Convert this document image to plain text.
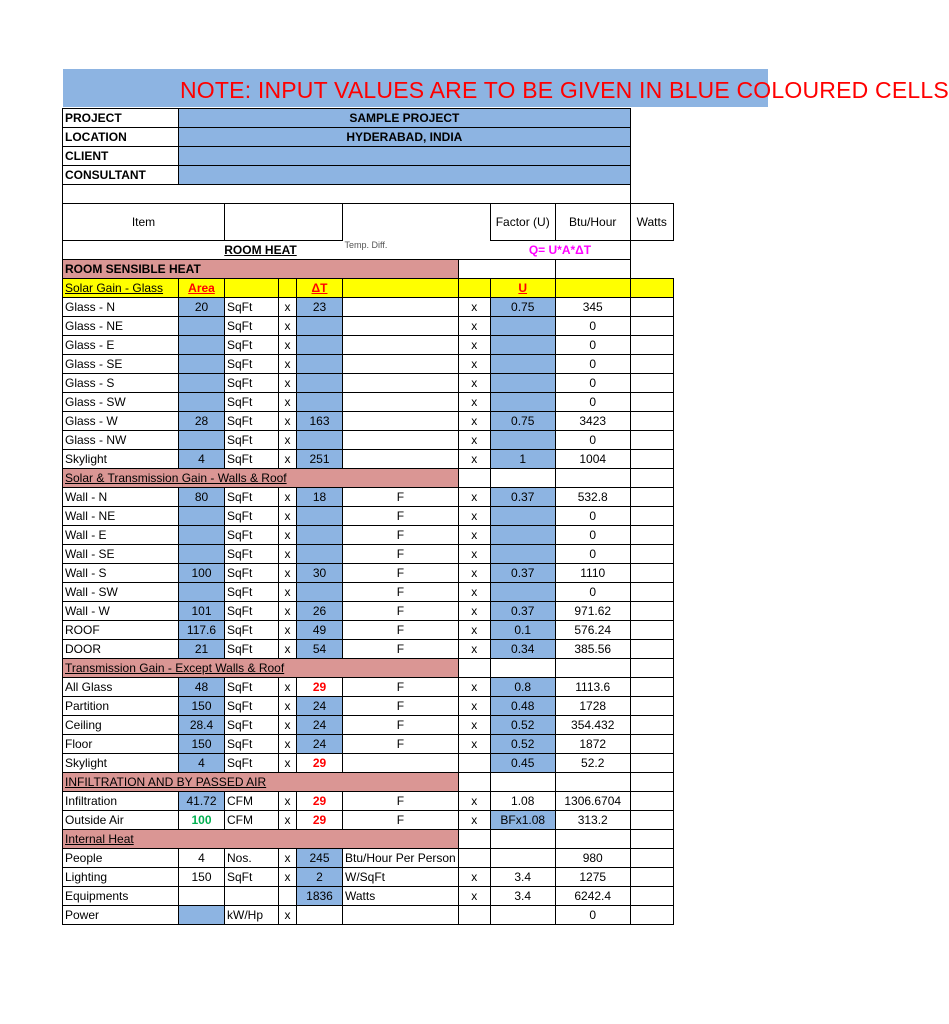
NOTE: INPUT VALUES ARE TO BE GIVEN IN BLUE COLOURED CELLS
PROJECT	SAMPLE PROJECT								
LOCATION	HYDERABAD, INDIA								
CLIENT									
CONSULTANT									

Item							Factor (U)	Btu/Hour	Watts
	ROOM HEAT				Temp. Diff.		Q= U*A*ΔT		
ROOM SENSIBLE HEAT									
Solar Gain - Glass	Area			ΔT			U		
Glass - N	20	SqFt	x	23		x	0.75	345	
Glass - NE		SqFt	x			x		0	
Glass - E		SqFt	x			x		0	
Glass - SE		SqFt	x			x		0	
Glass - S		SqFt	x			x		0	
Glass - SW		SqFt	x			x		0	
Glass - W	28	SqFt	x	163		x	0.75	3423	
Glass - NW		SqFt	x			x		0	
Skylight	4	SqFt	x	251		x	1	1004	
Solar & Transmission Gain - Walls & Roof									
Wall - N	80	SqFt	x	18	F	x	0.37	532.8	
Wall - NE		SqFt	x		F	x		0	
Wall - E		SqFt	x		F	x		0	
Wall - SE		SqFt	x		F	x		0	
Wall - S	100	SqFt	x	30	F	x	0.37	1110	
Wall - SW		SqFt	x		F	x		0	
Wall - W	101	SqFt	x	26	F	x	0.37	971.62	
ROOF	117.6	SqFt	x	49	F	x	0.1	576.24	
DOOR	21	SqFt	x	54	F	x	0.34	385.56	
Transmission Gain - Except Walls & Roof									
All Glass	48	SqFt	x	29	F	x	0.8	1113.6	
Partition	150	SqFt	x	24	F	x	0.48	1728	
Ceiling	28.4	SqFt	x	24	F	x	0.52	354.432	
Floor	150	SqFt	x	24	F	x	0.52	1872	
Skylight	4	SqFt	x	29			0.45	52.2	
INFILTRATION AND BY PASSED AIR									
Infiltration	41.72	CFM	x	29	F	x	1.08	1306.6704	
Outside Air	100	CFM	x	29	F	x	BFx1.08	313.2	
Internal Heat									
People	4	Nos.	x	245	Btu/Hour Per Person			980	
Lighting	150	SqFt	x	2	W/SqFt	x	3.4	1275	
Equipments				1836	Watts	x	3.4	6242.4	
Power		kW/Hp	x					0	
